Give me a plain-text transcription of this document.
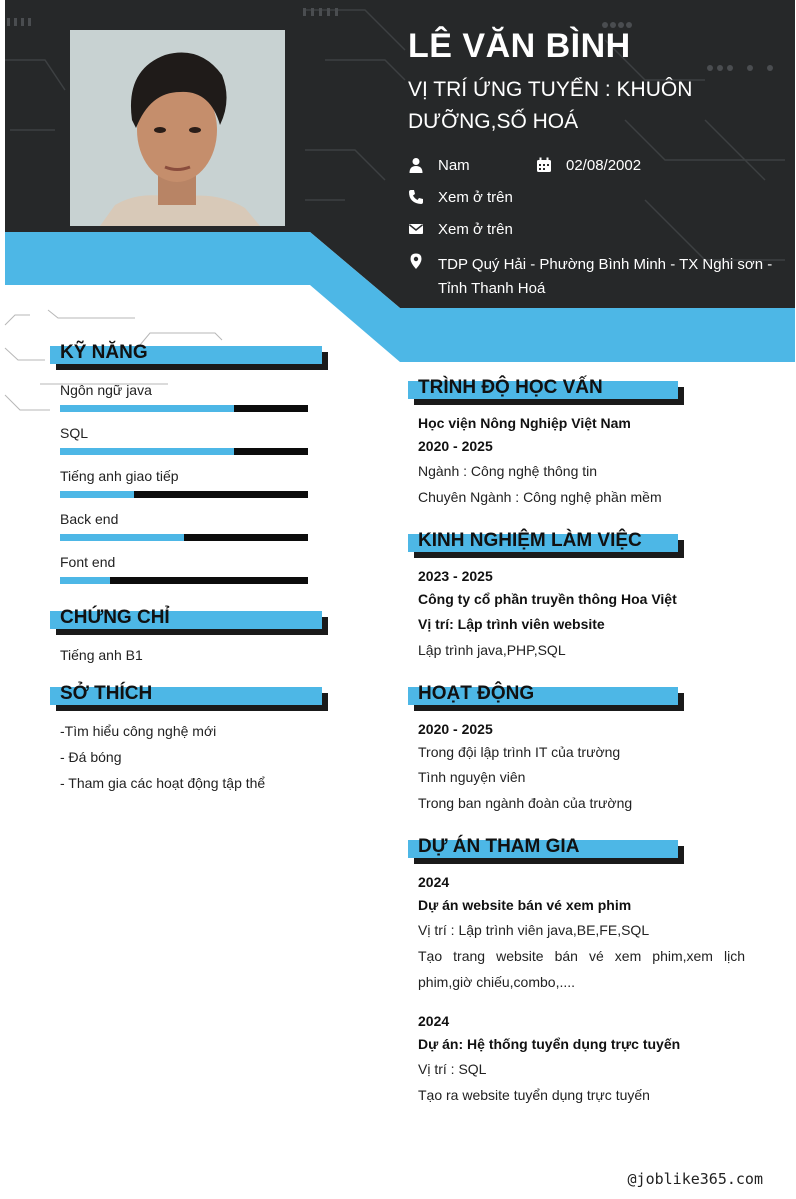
LÊ VĂN BÌNH
VỊ TRÍ ỨNG TUYỂN : KHUÔN DƯỠNG,SỐ HOÁ
Nam	02/08/2002
Xem ở trên
Xem ở trên
TDP Quý Hải - Phường Bình Minh - TX Nghi sơn - Tỉnh Thanh Hoá
KỸ NĂNG
Ngôn ngữ java
SQL
Tiếng anh giao tiếp
Back end
Font end
CHỨNG CHỈ
Tiếng anh B1
SỞ THÍCH
-Tìm hiểu công nghệ mới
- Đá bóng
- Tham gia các hoạt động tập thể
TRÌNH ĐỘ HỌC VẤN
Học viện Nông Nghiệp Việt Nam
2020 - 2025
Ngành : Công nghệ thông tin
Chuyên Ngành : Công nghệ phần mềm
KINH NGHIỆM LÀM VIỆC
2023 - 2025
Công ty cổ phần truyền thông Hoa Việt
Vị trí: Lập trình viên website
Lập trình java,PHP,SQL
HOẠT ĐỘNG
2020 - 2025
Trong đội lập trình IT của trường
Tình nguyện viên
Trong ban ngành đoàn của trường
DỰ ÁN THAM GIA
2024
Dự án website bán vé xem phim
Vị trí : Lập trình viên java,BE,FE,SQL
Tạo trang website bán vé xem phim,xem lịch phim,giờ chiếu,combo,....
2024
Dự án: Hệ thống tuyển dụng trực tuyến
Vị trí : SQL
Tạo ra website tuyển dụng trực tuyến
@joblike365.com
